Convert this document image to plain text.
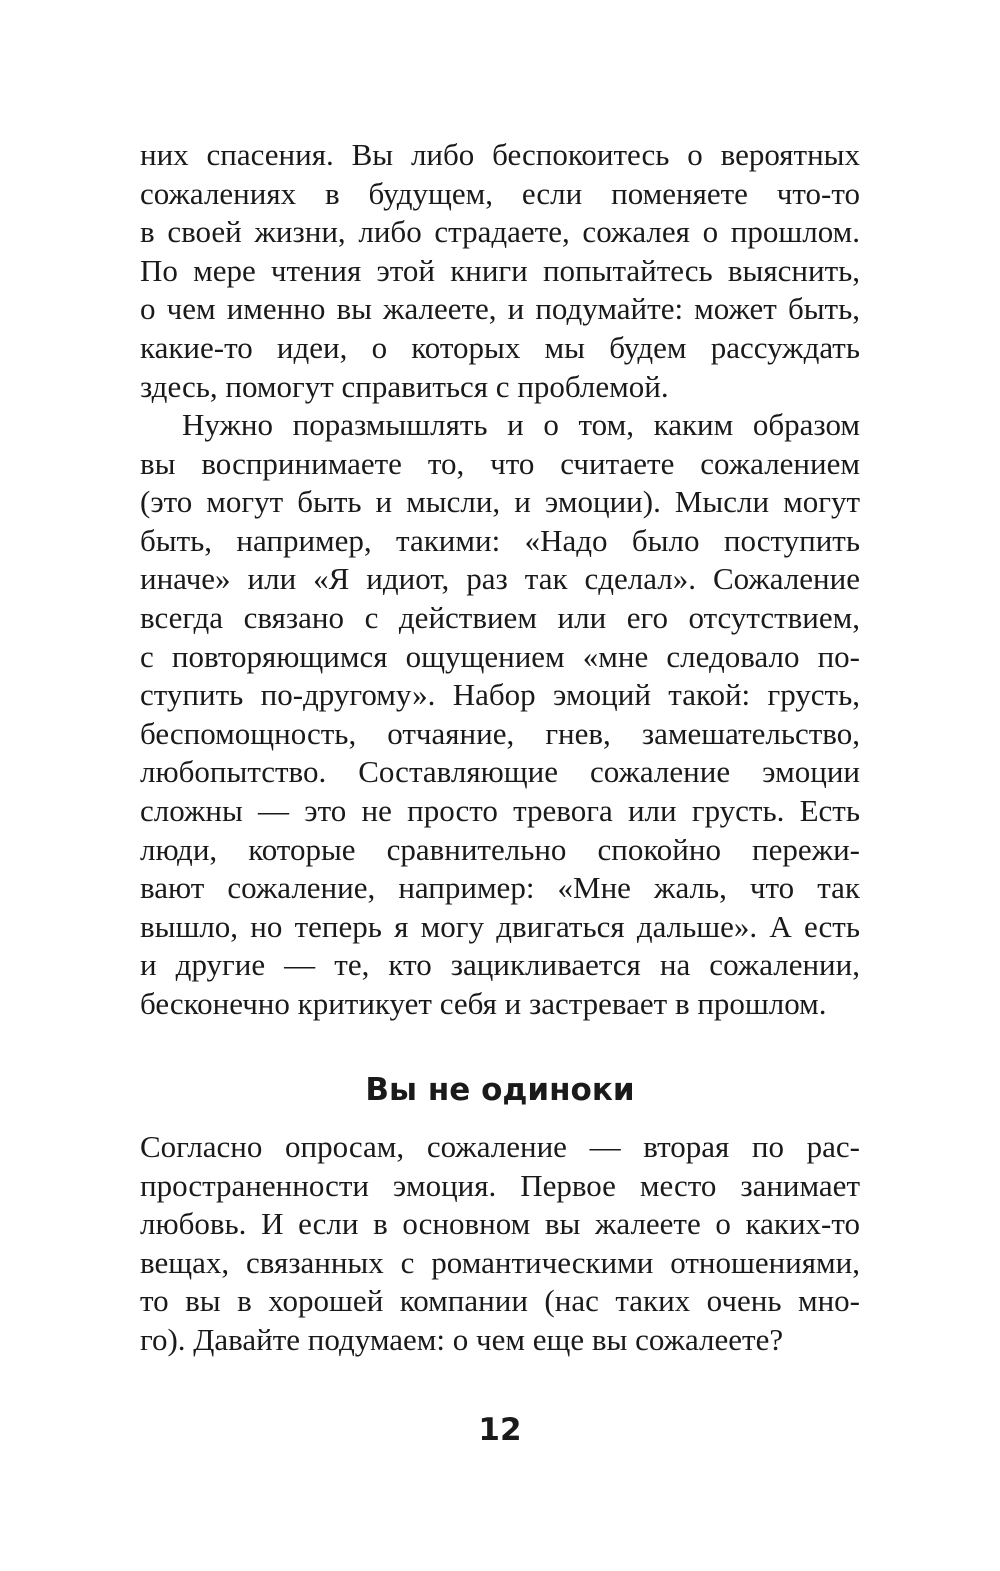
них спасения. Вы либо беспокоитесь о вероятных
сожалениях в будущем, если поменяете что-то
в своей жизни, либо страдаете, сожалея о прошлом.
По мере чтения этой книги попытайтесь выяснить,
о чем именно вы жалеете, и подумайте: может быть,
какие-то идеи, о которых мы будем рассуждать
здесь, помогут справиться с проблемой.
Нужно поразмышлять и о том, каким образом
вы воспринимаете то, что считаете сожалением
(это могут быть и мысли, и эмоции). Мысли могут
быть, например, такими: «Надо было поступить
иначе» или «Я идиот, раз так сделал». Сожаление
всегда связано с действием или его отсутствием,
с повторяющимся ощущением «мне следовало по-
ступить по-другому». Набор эмоций такой: грусть,
беспомощность, отчаяние, гнев, замешательство,
любопытство. Составляющие сожаление эмоции
сложны — это не просто тревога или грусть. Есть
люди, которые сравнительно спокойно пережи-
вают сожаление, например: «Мне жаль, что так
вышло, но теперь я могу двигаться дальше». А есть
и другие — те, кто зацикливается на сожалении,
бесконечно критикует себя и застревает в прошлом.
Вы не одиноки
Согласно опросам, сожаление — вторая по рас-
пространенности эмоция. Первое место занимает
любовь. И если в основном вы жалеете о каких-то
вещах, связанных с романтическими отношениями,
то вы в хорошей компании (нас таких очень мно-
го). Давайте подумаем: о чем еще вы сожалеете?
12
